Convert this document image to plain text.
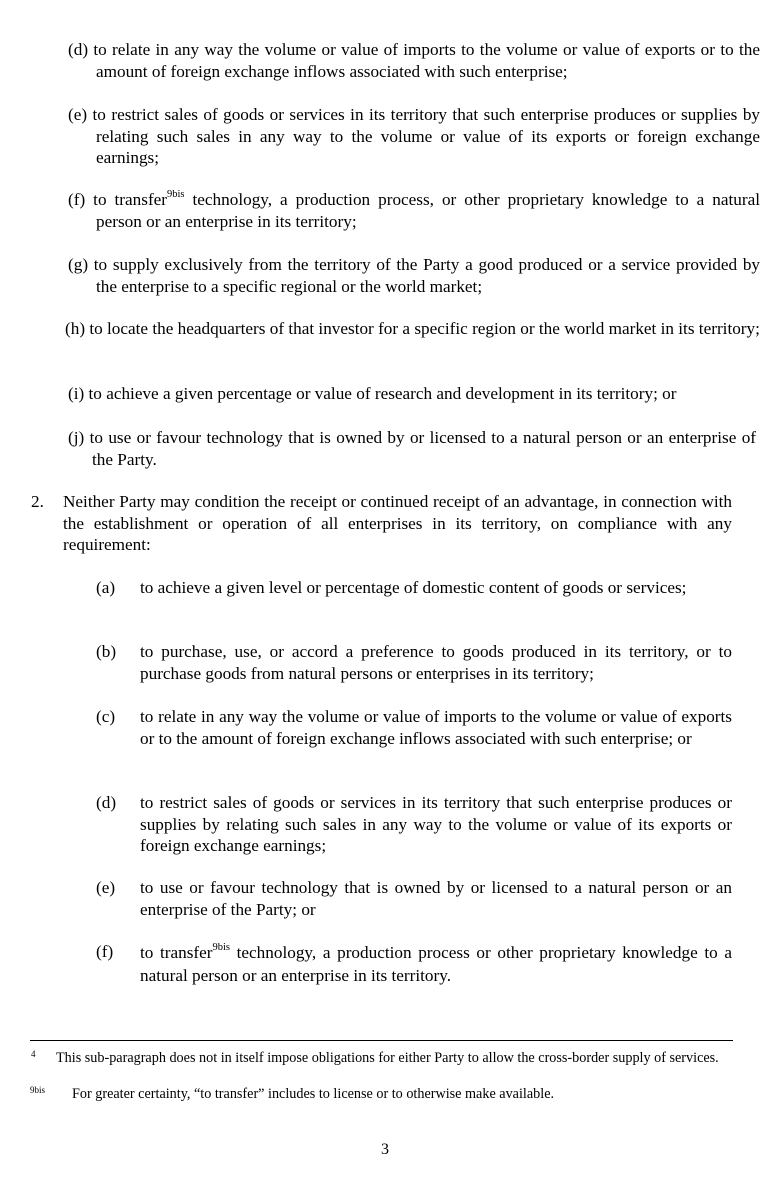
(d) to relate in any way the volume or value of imports to the volume or value of exports or to the amount of foreign exchange inflows associated with such enterprise;

(e) to restrict sales of goods or services in its territory that such enterprise produces or supplies by relating such sales in any way to the volume or value of its exports or foreign exchange earnings;

(f) to transfer$^{9bis}$ technology, a production process, or other proprietary knowledge to a natural person or an enterprise in its territory;

(g) to supply exclusively from the territory of the Party a good produced or a service provided by the enterprise to a specific regional or the world market;

(h) to locate the headquarters of that investor for a specific region or the world market in its territory;

(i) to achieve a given percentage or value of research and development in its territory; or

(j) to use or favour technology that is owned by or licensed to a natural person or an enterprise of the Party.

2. Neither Party may condition the receipt or continued receipt of an advantage, in connection with the establishment or operation of all enterprises in its territory, on compliance with any requirement:

(a) to achieve a given level or percentage of domestic content of goods or services;

(b) to purchase, use, or accord a preference to goods produced in its territory, or to purchase goods from natural persons or enterprises in its territory;

(c) to relate in any way the volume or value of imports to the volume or value of exports or to the amount of foreign exchange inflows associated with such enterprise; or

(d) to restrict sales of goods or services in its territory that such enterprise produces or supplies by relating such sales in any way to the volume or value of its exports or foreign exchange earnings;

(e) to use or favour technology that is owned by or licensed to a natural person or an enterprise of the Party; or

(f) to transfer$^{9bis}$ technology, a production process or other proprietary knowledge to a natural person or an enterprise in its territory.

4 This sub-paragraph does not in itself impose obligations for either Party to allow the cross-border supply of services.

9bis For greater certainty, “to transfer” includes to license or to otherwise make available.

3
